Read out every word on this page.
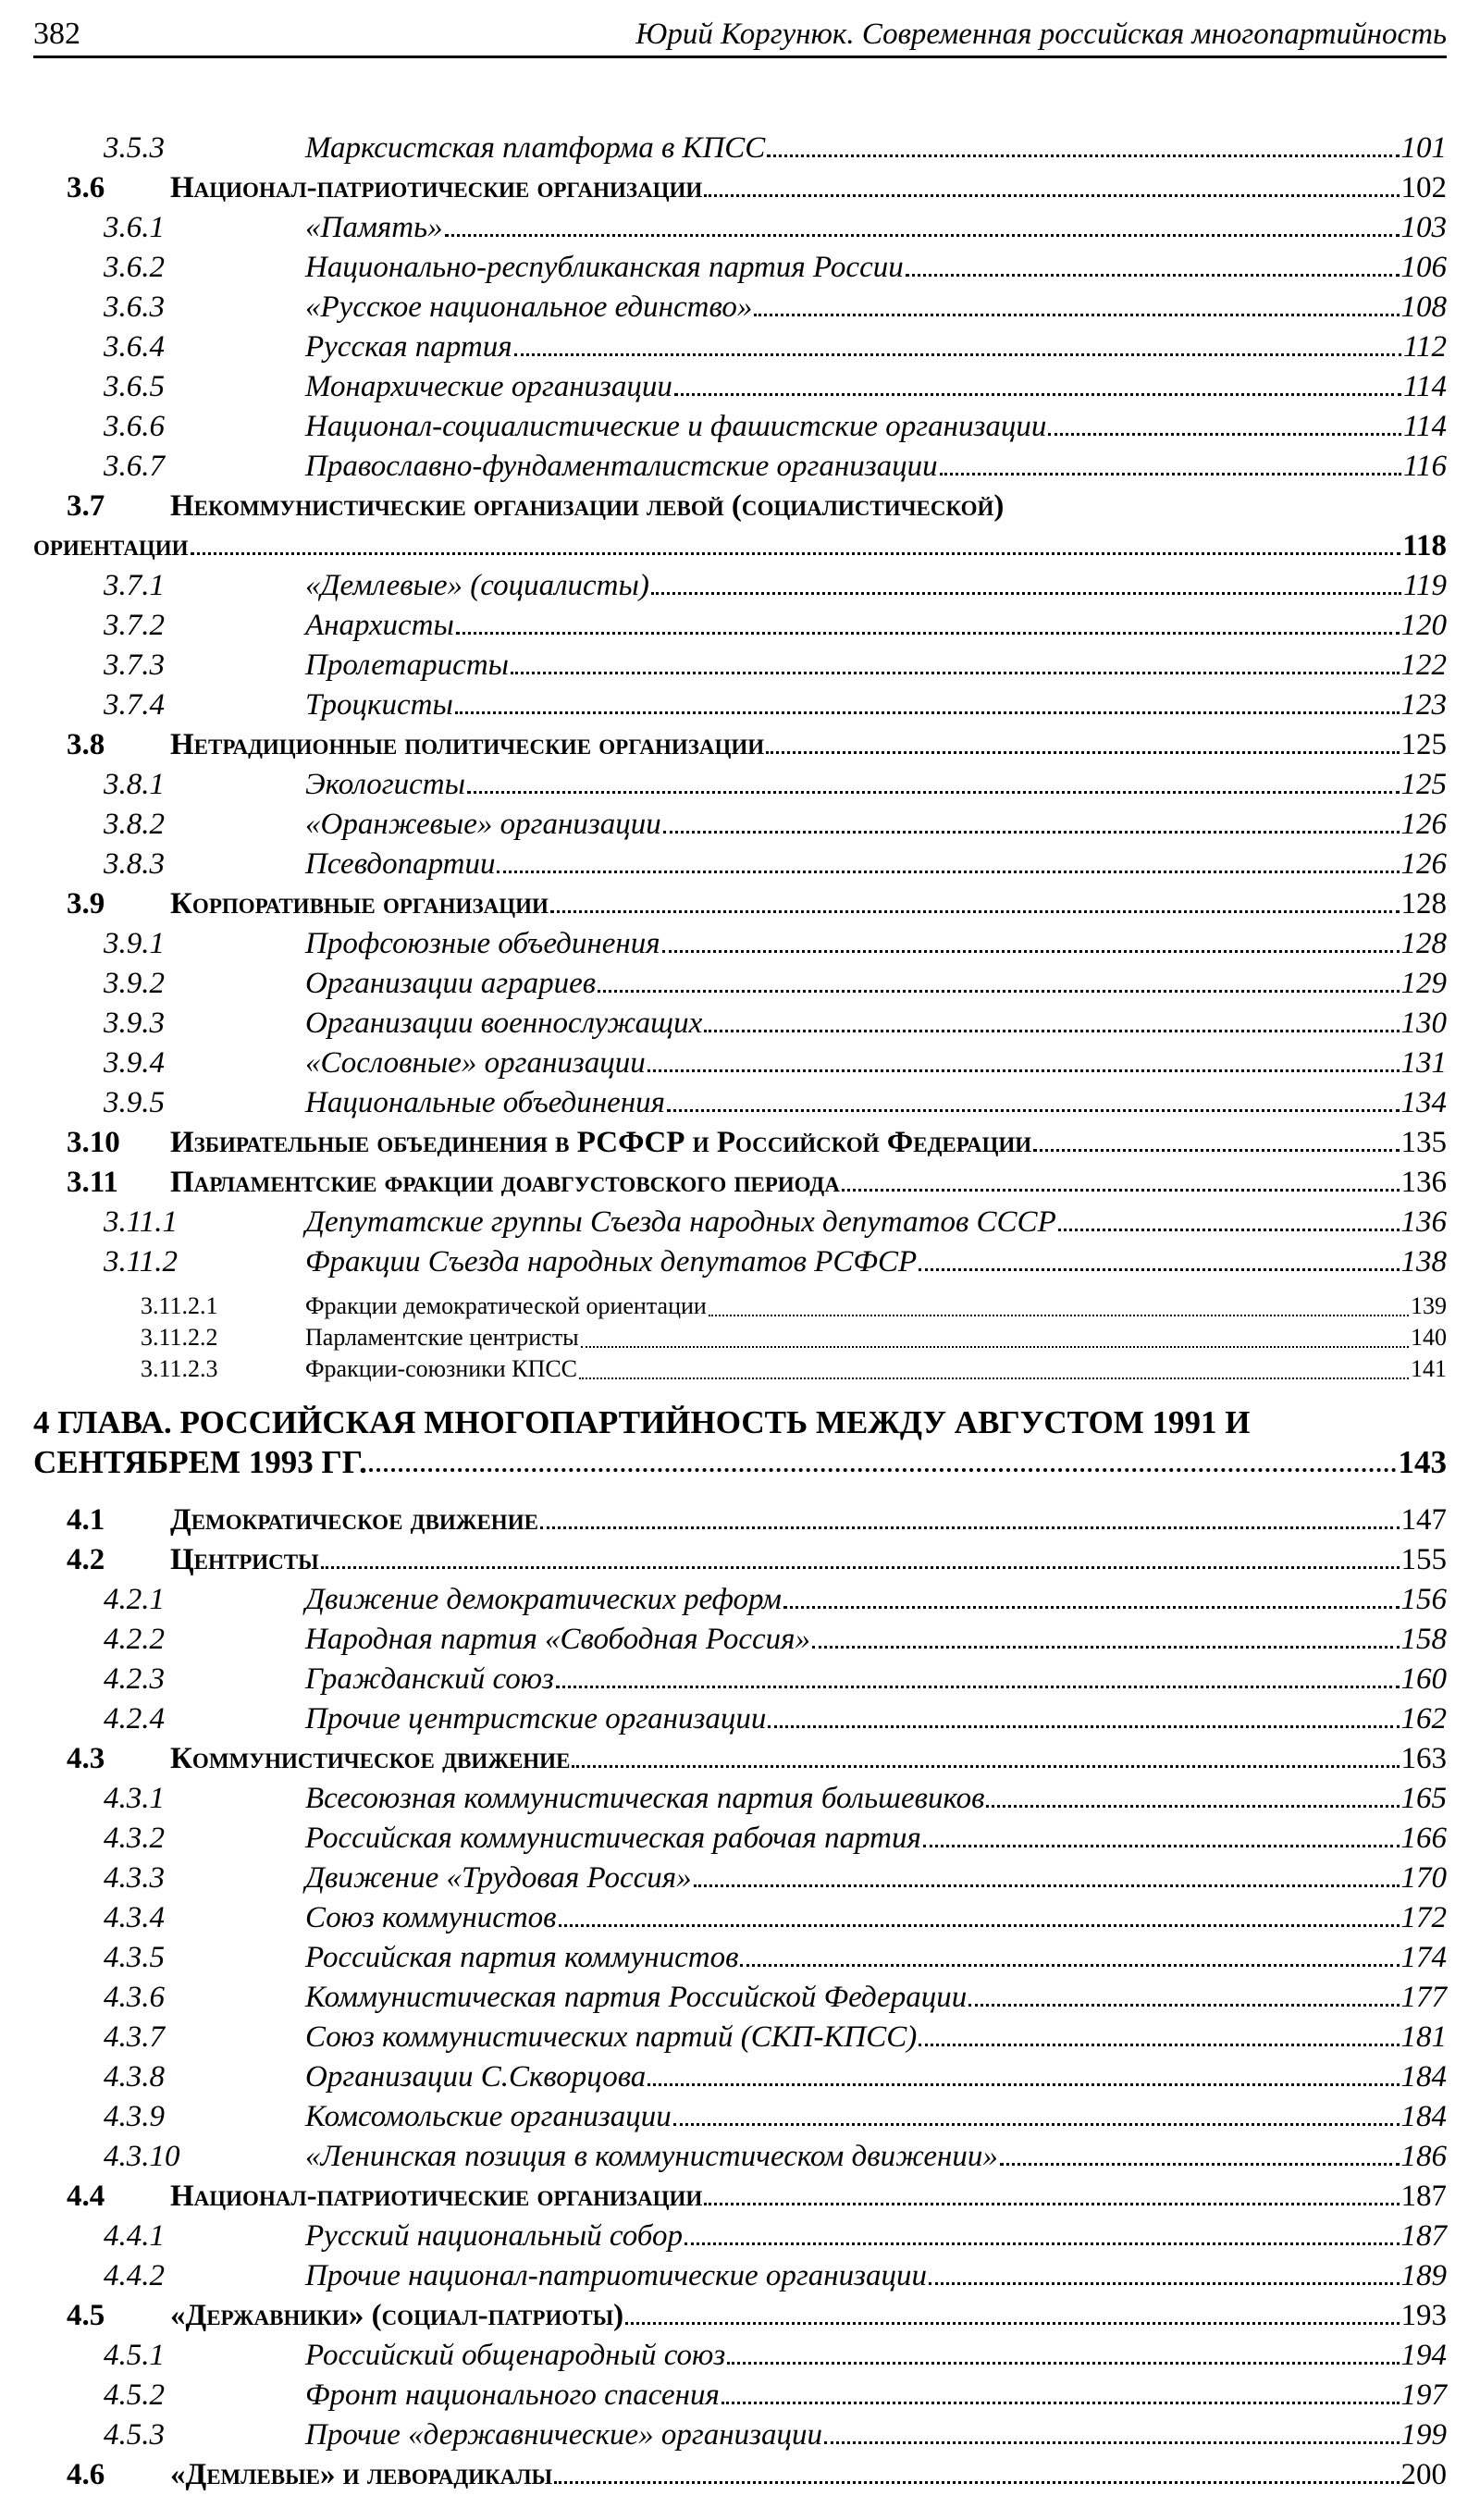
382	Юрий Коргунюк. Современная российская многопартийность
3.5.3	Марксистская платформа в КПСС	101
3.6	Национал-патриотические организации	102
3.6.1	«Память»	103
3.6.2	Национально-республиканская партия России	106
3.6.3	«Русское национальное единство»	108
3.6.4	Русская партия	112
3.6.5	Монархические организации	114
3.6.6	Национал-социалистические и фашистские организации	114
3.6.7	Православно-фундаменталистские организации	116
3.7	Некоммунистические организации левой (социалистической)
ориентации	118
3.7.1	«Демлевые» (социалисты)	119
3.7.2	Анархисты	120
3.7.3	Пролетаристы	122
3.7.4	Троцкисты	123
3.8	Нетрадиционные политические организации	125
3.8.1	Экологисты	125
3.8.2	«Оранжевые» организации	126
3.8.3	Псевдопартии	126
3.9	Корпоративные организации	128
3.9.1	Профсоюзные объединения	128
3.9.2	Организации аграриев	129
3.9.3	Организации военнослужащих	130
3.9.4	«Сословные» организации	131
3.9.5	Национальные объединения	134
3.10	Избирательные объединения в РСФСР и Российской Федерации	135
3.11	Парламентские фракции доавгустовского периода	136
3.11.1	Депутатские группы Съезда народных депутатов СССР	136
3.11.2	Фракции Съезда народных депутатов РСФСР	138
3.11.2.1	Фракции демократической ориентации	139
3.11.2.2	Парламентские центристы	140
3.11.2.3	Фракции-союзники КПСС	141
4 ГЛАВА. РОССИЙСКАЯ МНОГОПАРТИЙНОСТЬ МЕЖДУ АВГУСТОМ 1991 И
СЕНТЯБРЕМ 1993 ГГ.	143
4.1	Демократическое движение	147
4.2	Центристы	155
4.2.1	Движение демократических реформ	156
4.2.2	Народная партия «Свободная Россия»	158
4.2.3	Гражданский союз	160
4.2.4	Прочие центристские организации	162
4.3	Коммунистическое движение	163
4.3.1	Всесоюзная коммунистическая партия большевиков	165
4.3.2	Российская коммунистическая рабочая партия	166
4.3.3	Движение «Трудовая Россия»	170
4.3.4	Союз коммунистов	172
4.3.5	Российская партия коммунистов	174
4.3.6	Коммунистическая партия Российской Федерации	177
4.3.7	Союз коммунистических партий (СКП-КПСС)	181
4.3.8	Организации С.Скворцова	184
4.3.9	Комсомольские организации	184
4.3.10	«Ленинская позиция в коммунистическом движении»	186
4.4	Национал-патриотические организации	187
4.4.1	Русский национальный собор	187
4.4.2	Прочие национал-патриотические организации	189
4.5	«Державники» (социал-патриоты)	193
4.5.1	Российский общенародный союз	194
4.5.2	Фронт национального спасения	197
4.5.3	Прочие «державнические» организации	199
4.6	«Демлевые» и леворадикалы	200
